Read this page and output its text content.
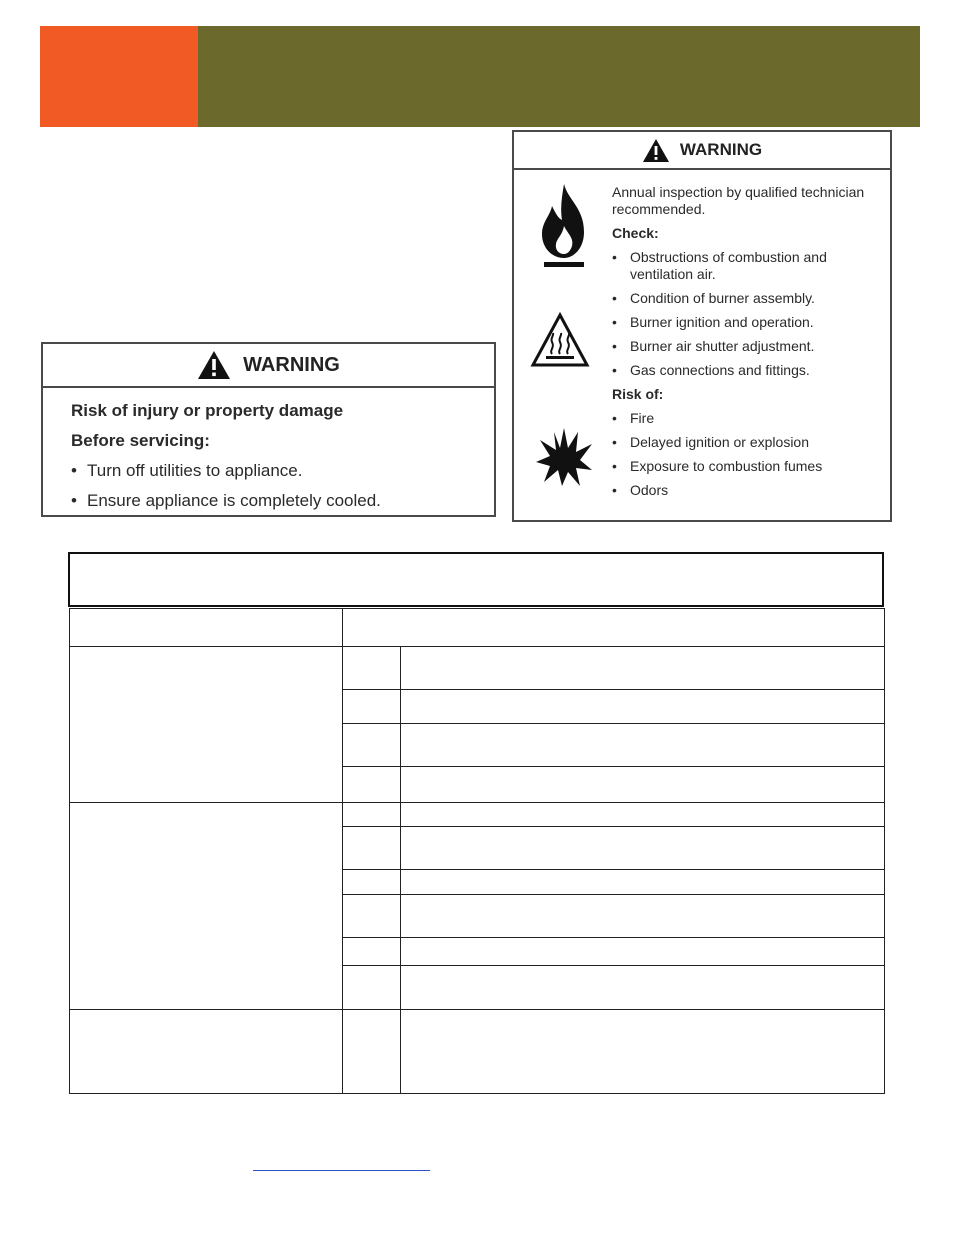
WARNING
Risk of injury or property damage
Before servicing:
• Turn off utilities to appliance.
• Ensure appliance is completely cooled.
WARNING
Annual inspection by qualified technician recommended.
Check:
• Obstructions of combustion and ventilation air.
• Condition of burner assembly.
• Burner ignition and operation.
• Burner air shutter adjustment.
• Gas connections and fittings.
Risk of:
• Fire
• Delayed ignition or explosion
• Exposure to combustion fumes
• Odors
